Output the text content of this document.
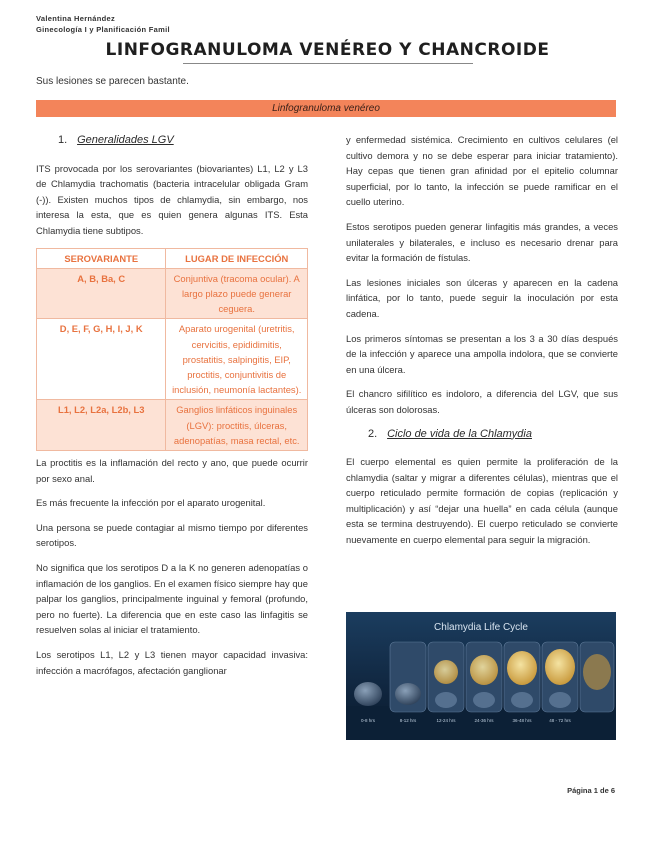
Valentina Hernández
Ginecología I y Planificación Famil
LINFOGRANULOMA VENÉREO Y CHANCROIDE
Sus lesiones se parecen bastante.
Linfogranuloma venéreo
1. Generalidades LGV

ITS provocada por los serovariantes (biovariantes) L1, L2 y L3 de Chlamydia trachomatis (bacteria intracelular obligada Gram (-)). Existen muchos tipos de chlamydia, sin embargo, nos interesa la esta, que es quien genera algunas ITS. Esta Chlamydia tiene subtipos.

SEROVARIANTE	LUGAR DE INFECCIÓN
A, B, Ba, C	Conjuntiva (tracoma ocular). A largo plazo puede generar ceguera.
D, E, F, G, H, I, J, K	Aparato urogenital (uretritis, cervicitis, epididimitis, prostatitis, salpingitis, EIP, proctitis, conjuntivitis de inclusión, neumonía lactantes).
L1, L2, L2a, L2b, L3	Ganglios linfáticos inguinales (LGV): proctitis, úlceras, adenopatías, masa rectal, etc.

La proctitis es la inflamación del recto y ano, que puede ocurrir por sexo anal.

Es más frecuente la infección por el aparato urogenital.

Una persona se puede contagiar al mismo tiempo por diferentes serotipos.

No significa que los serotipos D a la K no generen adenopatías o inflamación de los ganglios. En el examen físico siempre hay que palpar los ganglios, principalmente inguinal y femoral (profundo, pero no fuerte). La diferencia que en este caso las linfagitis se resuelven solas al iniciar el tratamiento.

Los serotipos L1, L2 y L3 tienen mayor capacidad invasiva: infección a macrófagos, afectación ganglionar

y enfermedad sistémica. Crecimiento en cultivos celulares (el cultivo demora y no se debe esperar para iniciar tratamiento). Hay cepas que tienen gran afinidad por el epitelio columnar superficial, por lo tanto, la infección se puede ramificar en el cuello uterino.

Estos serotipos pueden generar linfagitis más grandes, a veces unilaterales y bilaterales, e incluso es necesario drenar para evitar la formación de fístulas.

Las lesiones iniciales son úlceras y aparecen en la cadena linfática, por lo tanto, puede seguir la inoculación por esta cadena.

Los primeros síntomas se presentan a los 3 a 30 días después de la infección y aparece una ampolla indolora, que se convierte en una úlcera.

El chancro sifilítico es indoloro, a diferencia del LGV, que sus úlceras son dolorosas.

2. Ciclo de vida de la Chlamydia

El cuerpo elemental es quien permite la proliferación de la chlamydia (saltar y migrar a diferentes células), mientras que el cuerpo reticulado permite formación de copias (replicación y multiplicación) y así “dejar una huella” en cada célula (aunque esta se termina destruyendo). El cuerpo reticulado se convierte nuevamente en cuerpo elemental para seguir la migración.

Chlamydia Life Cycle
0-8 hrs	8-12 hrs	12-24 hrs	24-36 hrs	36-48 hrs	48 - 72 hrs
Página 1 de 6
